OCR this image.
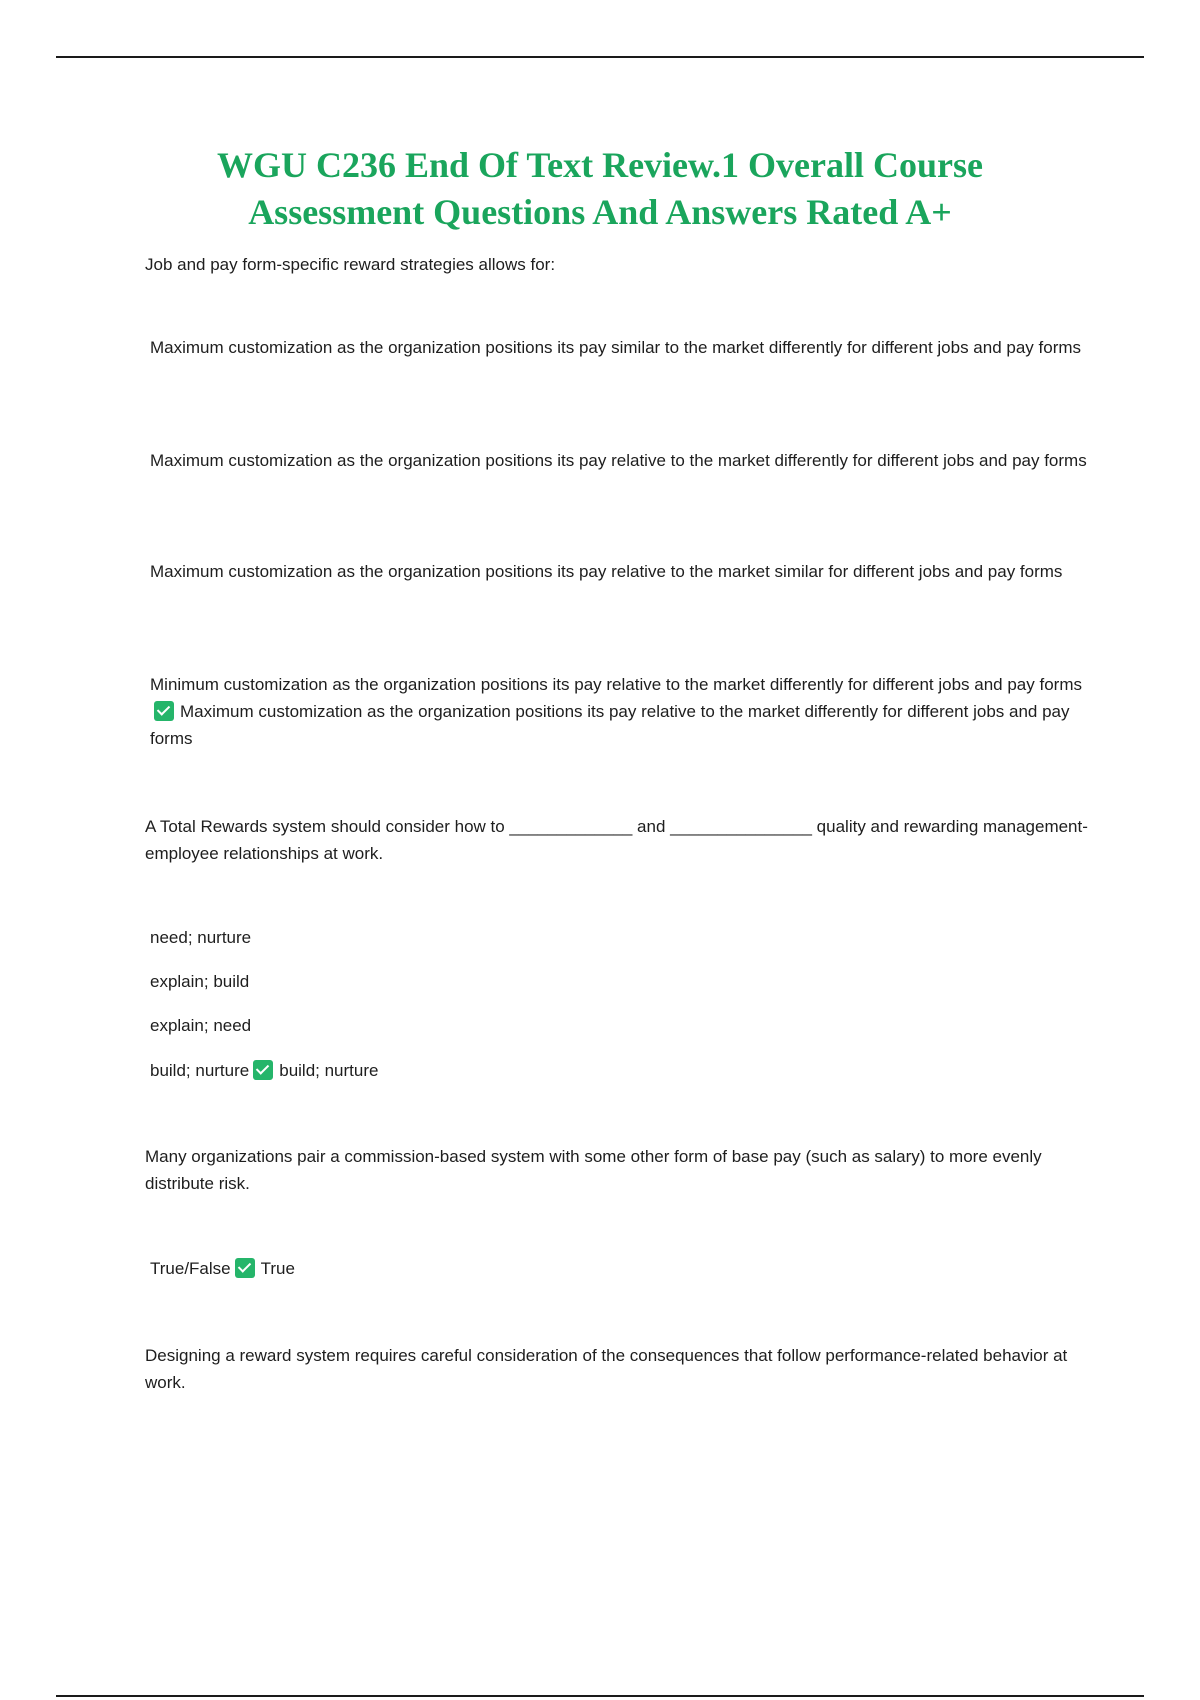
WGU C236 End Of Text Review.1 Overall Course
Assessment Questions And Answers Rated A+

Job and pay form-specific reward strategies allows for:

Maximum customization as the organization positions its pay similar to the market differently for different jobs and pay forms

Maximum customization as the organization positions its pay relative to the market differently for different jobs and pay forms

Maximum customization as the organization positions its pay relative to the market similar for different jobs and pay forms

Minimum customization as the organization positions its pay relative to the market differently for different jobs and pay formsMaximum customization as the organization positions its pay relative to the market differently for different jobs and pay forms

A Total Rewards system should consider how to _____________ and _______________ quality and rewarding management-employee relationships at work.

need; nurture

explain; build

explain; need

build; nurture build; nurture

Many organizations pair a commission-based system with some other form of base pay (such as salary) to more evenly distribute risk.

True/False True

Designing a reward system requires careful consideration of the consequences that follow performance-related behavior at work.
